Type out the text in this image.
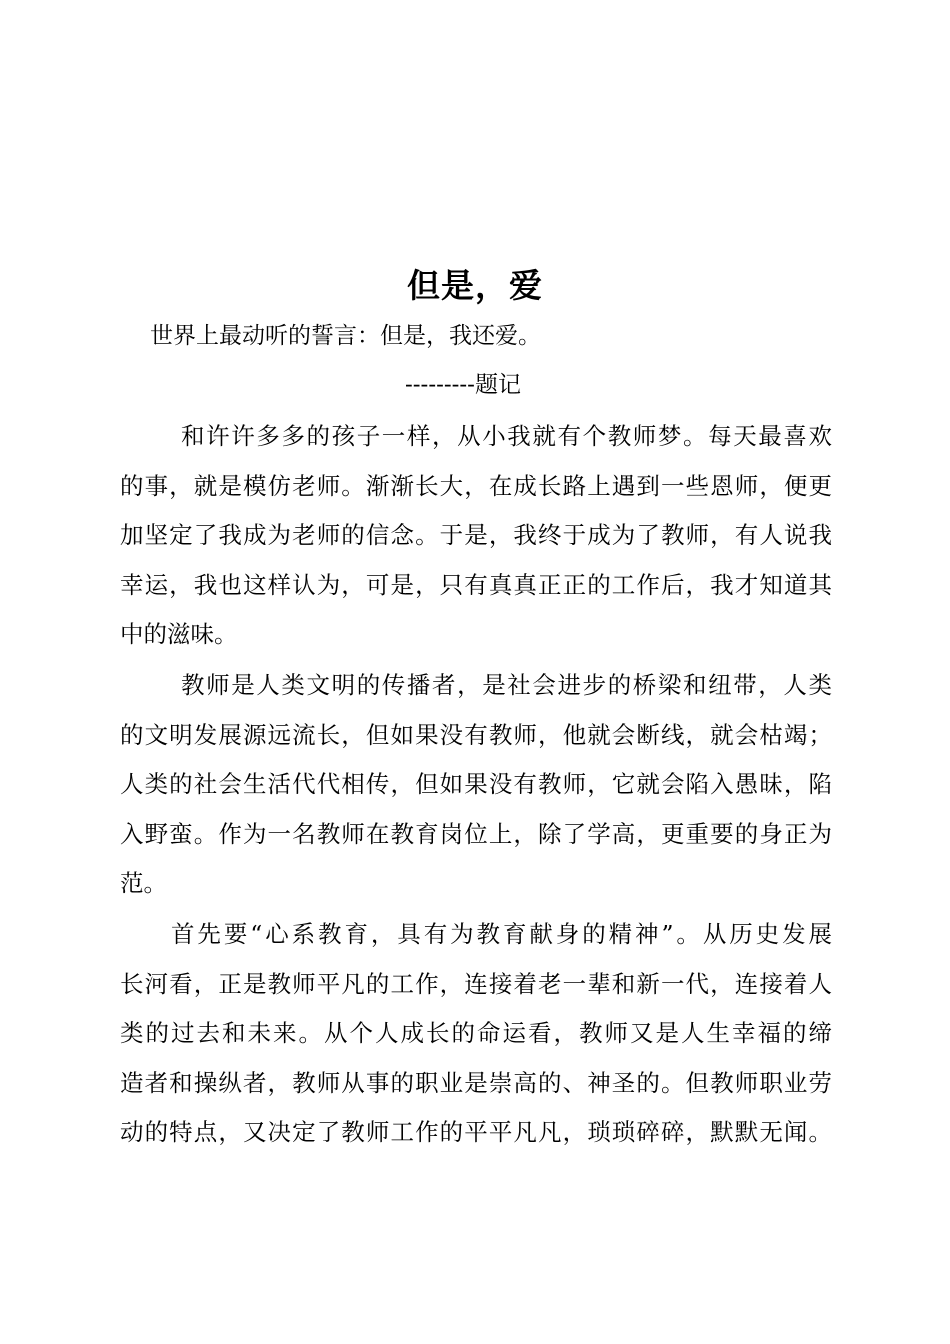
但是，爱
世界上最动听的誓言：但是，我还爱。
---------题记
和许许多多的孩子一样，从小我就有个教师梦。每天最喜欢
的事，就是模仿老师。渐渐长大，在成长路上遇到一些恩师，便更
加坚定了我成为老师的信念。于是，我终于成为了教师，有人说我
幸运，我也这样认为，可是，只有真真正正的工作后，我才知道其
中的滋味。
教师是人类文明的传播者，是社会进步的桥梁和纽带，人类
的文明发展源远流长，但如果没有教师，他就会断线，就会枯竭；
人类的社会生活代代相传，但如果没有教师，它就会陷入愚昧，陷
入野蛮。作为一名教师在教育岗位上，除了学高，更重要的身正为
范。
首先要“心系教育，具有为教育献身的精神”。从历史发展
长河看，正是教师平凡的工作，连接着老一辈和新一代，连接着人
类的过去和未来。从个人成长的命运看，教师又是人生幸福的缔
造者和操纵者，教师从事的职业是崇高的、神圣的。但教师职业劳
动的特点，又决定了教师工作的平平凡凡，琐琐碎碎，默默无闻。
